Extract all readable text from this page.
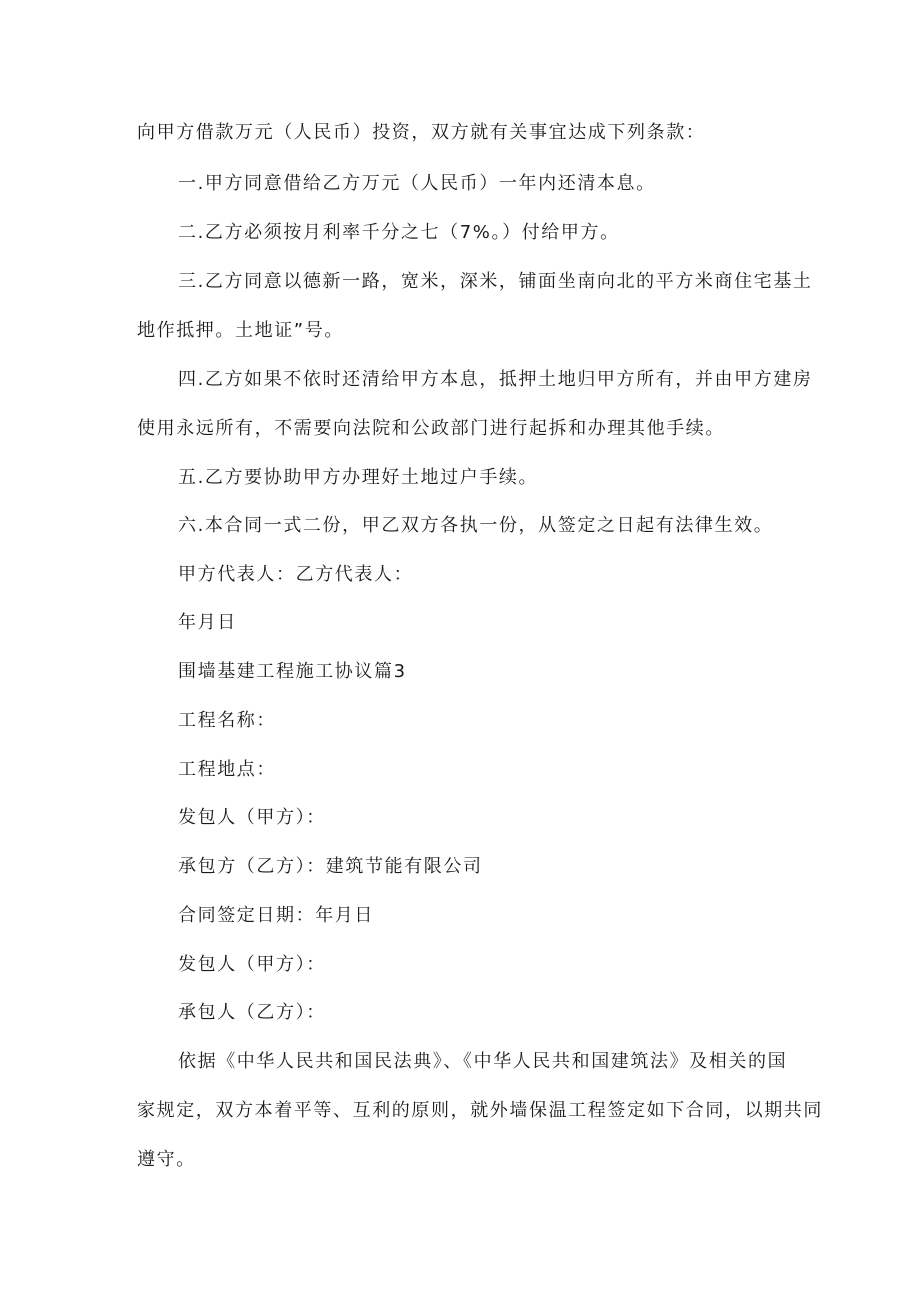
向甲方借款万元（人民币）投资，双方就有关事宜达成下列条款：
一.甲方同意借给乙方万元（人民币）一年内还清本息。
二.乙方必须按月利率千分之七（7%。）付给甲方。
三.乙方同意以德新一路，宽米，深米，铺面坐南向北的平方米商住宅基土
地作抵押。土地证”号。
四.乙方如果不依时还清给甲方本息，抵押土地归甲方所有，并由甲方建房
使用永远所有，不需要向法院和公政部门进行起拆和办理其他手续。
五.乙方要协助甲方办理好土地过户手续。
六.本合同一式二份，甲乙双方各执一份，从签定之日起有法律生效。
甲方代表人：乙方代表人：
年月日
围墙基建工程施工协议篇3
工程名称：
工程地点：
发包人（甲方）：
承包方（乙方）：建筑节能有限公司
合同签定日期：年月日
发包人（甲方）：
承包人（乙方）：
依据《中华人民共和国民法典》、《中华人民共和国建筑法》及相关的国
家规定，双方本着平等、互利的原则，就外墙保温工程签定如下合同，以期共同
遵守。
